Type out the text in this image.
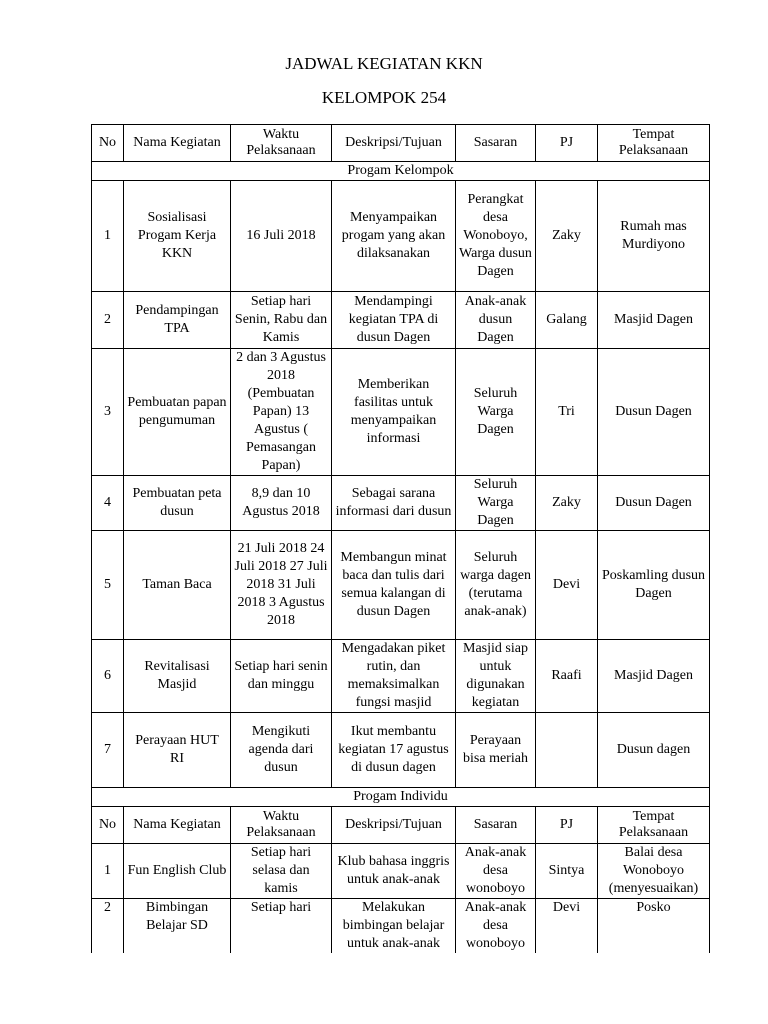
JADWAL KEGIATAN KKN
KELOMPOK 254
No	Nama Kegiatan	Waktu Pelaksanaan	Deskripsi/Tujuan	Sasaran	PJ	Tempat Pelaksanaan
Progam Kelompok						
1	Sosialisasi Progam Kerja KKN	16 Juli 2018	Menyampaikan progam yang akan dilaksanakan	Perangkat desa Wonoboyo, Warga dusun Dagen	Zaky	Rumah mas Murdiyono
2	Pendampingan TPA	Setiap hari Senin, Rabu dan Kamis	Mendampingi kegiatan TPA di dusun Dagen	Anak-anak dusun Dagen	Galang	Masjid Dagen
3	Pembuatan papan pengumuman	2 dan 3 Agustus 2018 (Pembuatan Papan) 13 Agustus ( Pemasangan Papan)	Memberikan fasilitas untuk menyampaikan informasi	Seluruh Warga Dagen	Tri	Dusun Dagen
4	Pembuatan peta dusun	8,9 dan 10 Agustus 2018	Sebagai sarana informasi dari dusun	Seluruh Warga Dagen	Zaky	Dusun Dagen
5	Taman Baca	21 Juli 2018 24 Juli 2018 27 Juli 2018 31 Juli 2018 3 Agustus 2018	Membangun minat baca dan tulis dari semua kalangan di dusun Dagen	Seluruh warga dagen (terutama anak-anak)	Devi	Poskamling dusun Dagen
6	Revitalisasi Masjid	Setiap hari senin dan minggu	Mengadakan piket rutin, dan memaksimalkan fungsi masjid	Masjid siap untuk digunakan kegiatan	Raafi	Masjid Dagen
7	Perayaan HUT RI	Mengikuti agenda dari dusun	Ikut membantu kegiatan 17 agustus di dusun dagen	Perayaan bisa meriah		Dusun dagen
Progam Individu						
No	Nama Kegiatan	Waktu Pelaksanaan	Deskripsi/Tujuan	Sasaran	PJ	Tempat Pelaksanaan
1	Fun English Club	Setiap hari selasa dan kamis	Klub bahasa inggris untuk anak-anak	Anak-anak desa wonoboyo	Sintya	Balai desa Wonoboyo (menyesuaikan)
2	Bimbingan Belajar SD	Setiap hari	Melakukan bimbingan belajar untuk anak-anak	Anak-anak desa wonoboyo	Devi	Posko
